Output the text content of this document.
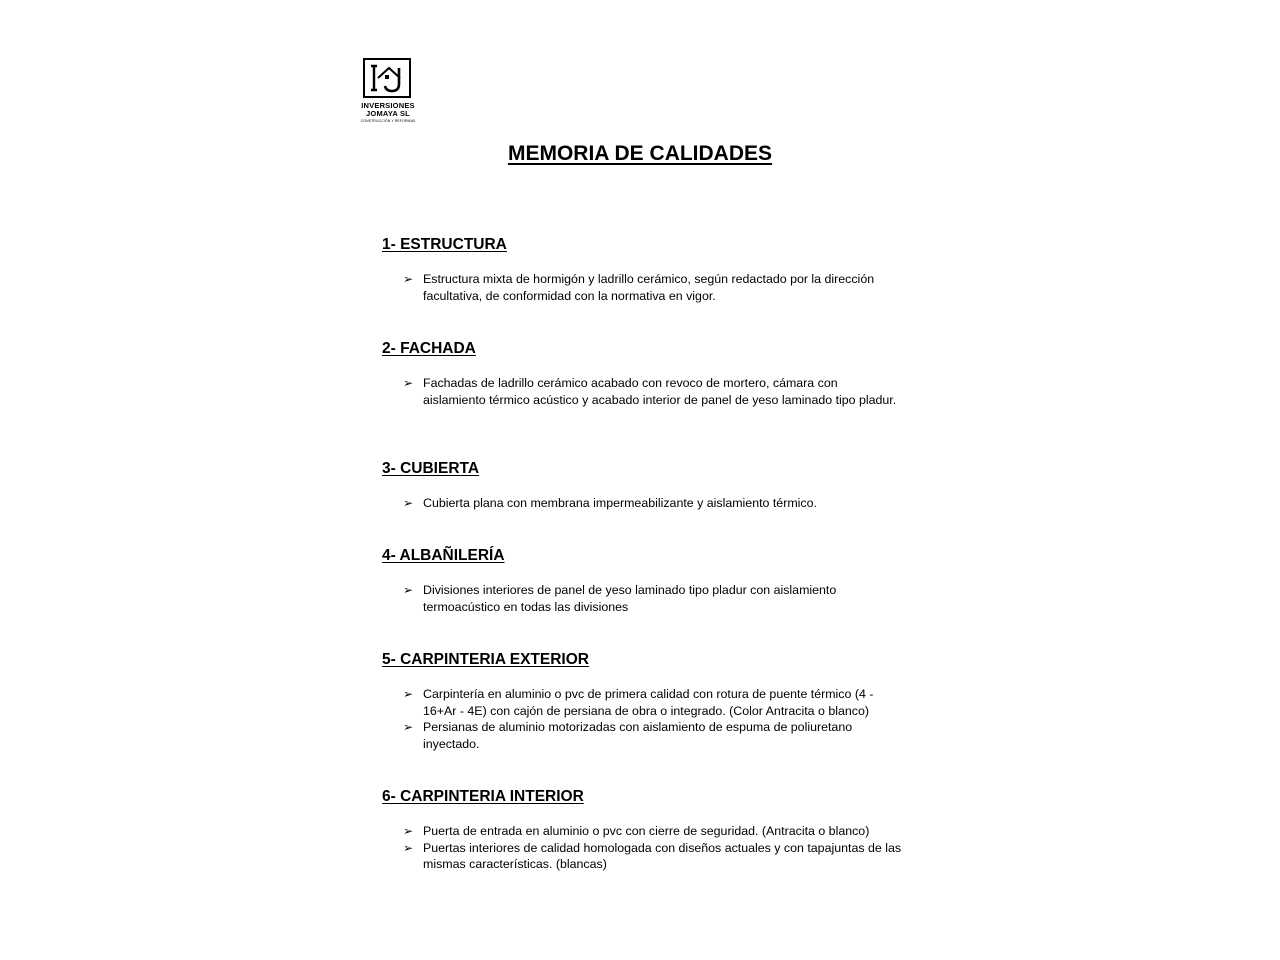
INVERSIONES
JOMAYA SL
CONSTRUCCIÓN Y REFORMAS
MEMORIA DE CALIDADES
1- ESTRUCTURA
➢ Estructura mixta de hormigón y ladrillo cerámico, según redactado por la dirección facultativa, de conformidad con la normativa en vigor.
2- FACHADA
➢ Fachadas de ladrillo cerámico acabado con revoco de mortero, cámara con aislamiento térmico acústico y acabado interior de panel de yeso laminado tipo pladur.
3- CUBIERTA
➢ Cubierta plana con membrana impermeabilizante y aislamiento térmico.
4- ALBAÑILERÍA
➢ Divisiones interiores de panel de yeso laminado tipo pladur con aislamiento termoacústico en todas las divisiones
5- CARPINTERIA EXTERIOR
➢ Carpintería en aluminio o pvc de primera calidad con rotura de puente térmico (4 - 16+Ar - 4E) con cajón de persiana de obra o integrado. (Color Antracita o blanco)
➢ Persianas de aluminio motorizadas con aislamiento de espuma de poliuretano inyectado.
6- CARPINTERIA INTERIOR
➢ Puerta de entrada en aluminio o pvc con cierre de seguridad. (Antracita o blanco)
➢ Puertas interiores de calidad homologada con diseños actuales y con tapajuntas de las mismas características. (blancas)
